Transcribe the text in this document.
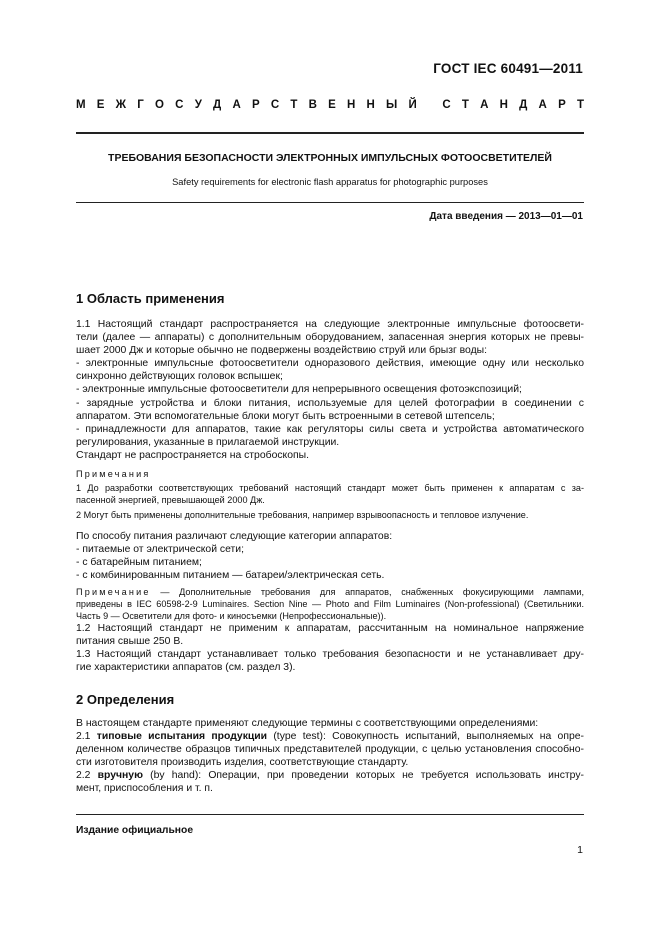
ГОСТ IEC 60491—2011
М Е Ж Г О С У Д А Р С Т В Е Н Н Ы Й
С Т А Н Д А Р Т
ТРЕБОВАНИЯ БЕЗОПАСНОСТИ ЭЛЕКТРОННЫХ ИМПУЛЬСНЫХ ФОТООСВЕТИТЕЛЕЙ
Safety requirements for electronic flash apparatus for photographic purposes
Дата введения — 2013—01—01
1 Область применения

1.1 Настоящий стандарт распространяется на следующие электронные импульсные фотоосвети-
тели (далее — аппараты) с дополнительным оборудованием, запасенная энергия которых не превы-
шает 2000 Дж и которые обычно не подвержены воздействию струй или брызг воды:

- электронные импульсные фотоосветители одноразового действия, имеющие одну или несколько
синхронно действующих головок вспышек;
- электронные импульсные фотоосветители для непрерывного освещения фотоэкспозиций;
- зарядные устройства и блоки питания, используемые для целей фотографии в соединении с
аппаратом. Эти вспомогательные блоки могут быть встроенными в сетевой штепсель;
- принадлежности для аппаратов, такие как регуляторы силы света и устройства автоматического
регулирования, указанные в прилагаемой инструкции.
Стандарт не распространяется на стробоскопы.
Примечания
1 До разработки соответствующих требований настоящий стандарт может быть применен к аппаратам с за-
пасенной энергией, превышающей 2000 Дж.
2 Могут быть применены дополнительные требования, например взрывоопасность и тепловое излучение.
По способу питания различают следующие категории аппаратов:
- питаемые от электрической сети;
- с батарейным питанием;
- с комбинированным питанием — батареи/электрическая сеть.
Примечание — Дополнительные требования для аппаратов, снабженных фокусирующими лампами,
приведены в IEC 60598-2-9 Luminaires. Section Nine — Photo and Film Luminaires (Non-professional) (Светильники.
Часть 9 — Осветители для фото- и киносъемки (Непрофессиональные)).
1.2 Настоящий стандарт не применим к аппаратам, рассчитанным на номинальное напряжение
питания свыше 250 В.
1.3 Настоящий стандарт устанавливает только требования безопасности и не устанавливает дру-
гие характеристики аппаратов (см. раздел 3).
2 Определения
В настоящем стандарте применяют следующие термины с соответствующими определениями:
2.1 типовые испытания продукции (type test): Совокупность испытаний, выполняемых на опре-
деленном количестве образцов типичных представителей продукции, с целью установления способно-
сти изготовителя производить изделия, соответствующие стандарту.
2.2 вручную (by hand): Операции, при проведении которых не требуется использовать инстру-
мент, приспособления и т. п.
Издание официальное
1
